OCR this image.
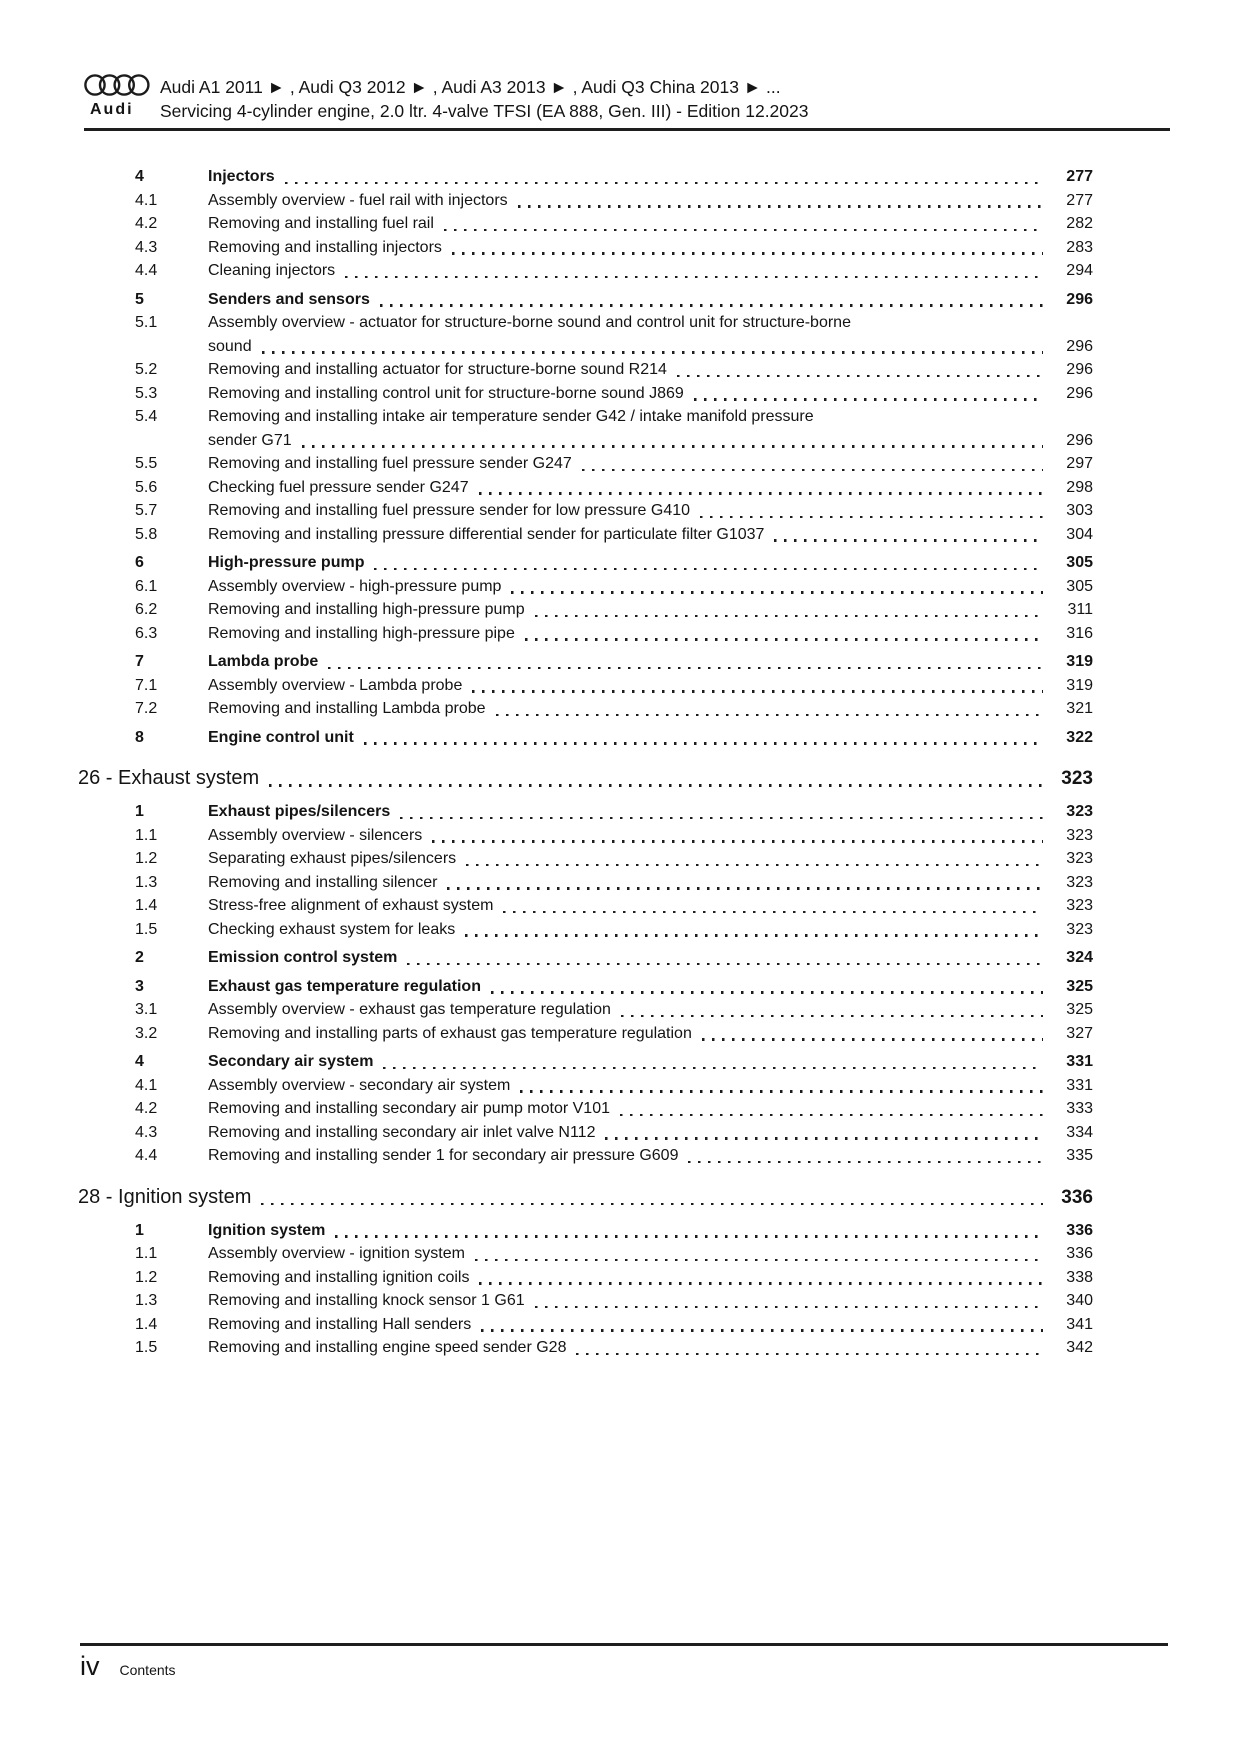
Audi
Audi A1 2011 ► , Audi Q3 2012 ► , Audi A3 2013 ► , Audi Q3 China 2013 ► ...
Servicing 4-cylinder engine, 2.0 ltr. 4-valve TFSI (EA 888, Gen. III) - Edition 12.2023
4	Injectors	277
4.1	Assembly overview - fuel rail with injectors	277
4.2	Removing and installing fuel rail	282
4.3	Removing and installing injectors	283
4.4	Cleaning injectors	294
5	Senders and sensors	296
5.1	Assembly overview - actuator for structure-borne sound and control unit for structure-borne
sound	296
5.2	Removing and installing actuator for structure-borne sound R214	296
5.3	Removing and installing control unit for structure-borne sound J869	296
5.4	Removing and installing intake air temperature sender G42 / intake manifold pressure
sender G71	296
5.5	Removing and installing fuel pressure sender G247	297
5.6	Checking fuel pressure sender G247	298
5.7	Removing and installing fuel pressure sender for low pressure G410	303
5.8	Removing and installing pressure differential sender for particulate filter G1037	304
6	High-pressure pump	305
6.1	Assembly overview - high-pressure pump	305
6.2	Removing and installing high-pressure pump	311
6.3	Removing and installing high-pressure pipe	316
7	Lambda probe	319
7.1	Assembly overview - Lambda probe	319
7.2	Removing and installing Lambda probe	321
8	Engine control unit	322
26 - Exhaust system	323
1	Exhaust pipes/silencers	323
1.1	Assembly overview - silencers	323
1.2	Separating exhaust pipes/silencers	323
1.3	Removing and installing silencer	323
1.4	Stress-free alignment of exhaust system	323
1.5	Checking exhaust system for leaks	323
2	Emission control system	324
3	Exhaust gas temperature regulation	325
3.1	Assembly overview - exhaust gas temperature regulation	325
3.2	Removing and installing parts of exhaust gas temperature regulation	327
4	Secondary air system	331
4.1	Assembly overview - secondary air system	331
4.2	Removing and installing secondary air pump motor V101	333
4.3	Removing and installing secondary air inlet valve N112	334
4.4	Removing and installing sender 1 for secondary air pressure G609	335
28 - Ignition system	336
1	Ignition system	336
1.1	Assembly overview - ignition system	336
1.2	Removing and installing ignition coils	338
1.3	Removing and installing knock sensor 1 G61	340
1.4	Removing and installing Hall senders	341
1.5	Removing and installing engine speed sender G28	342
iv Contents
